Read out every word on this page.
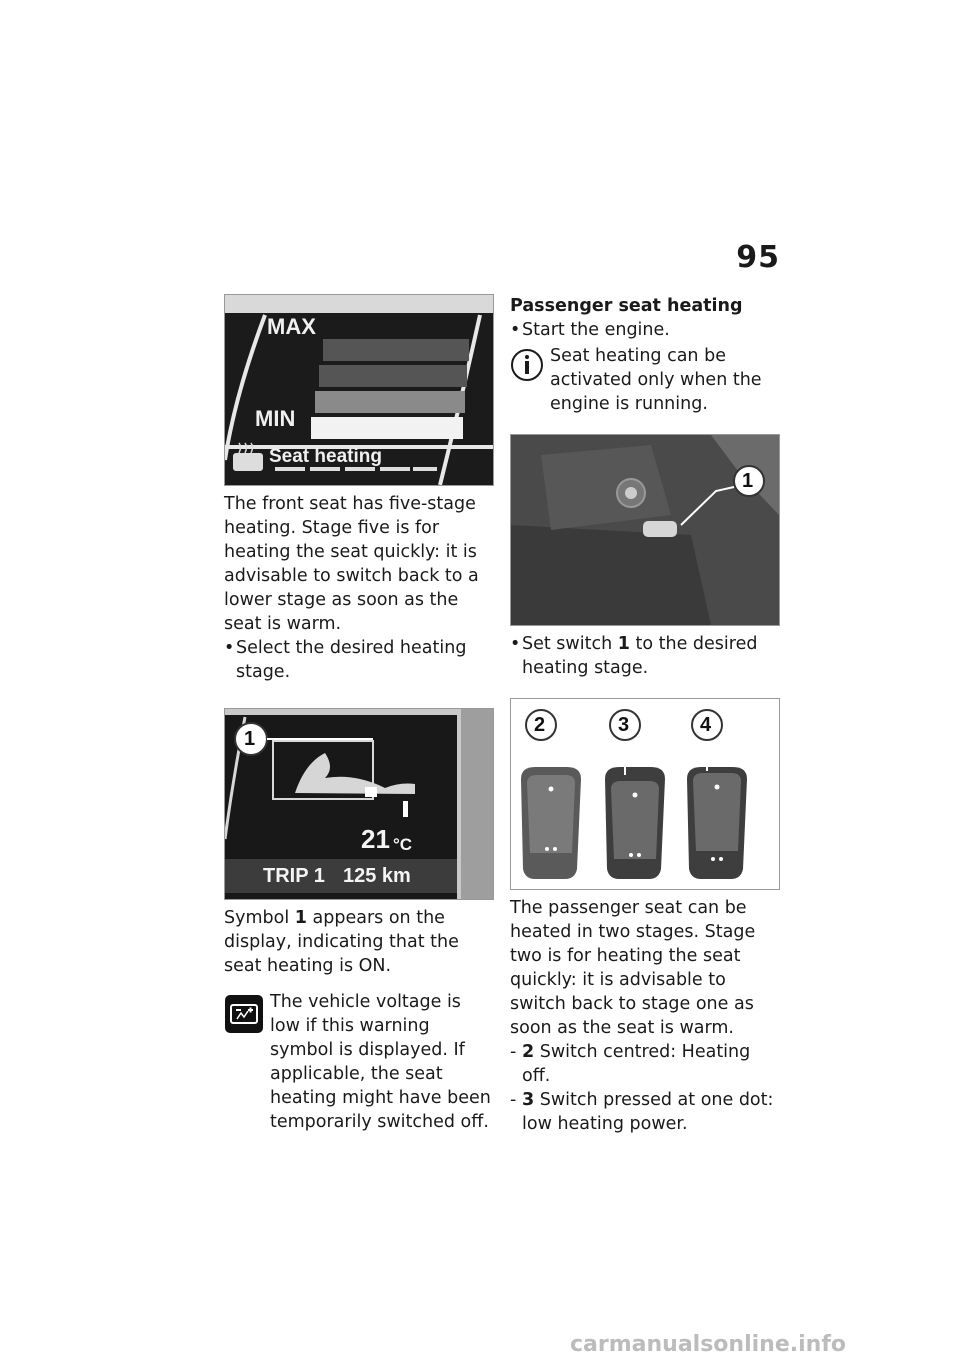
95
MAX
MIN
Seat heating

The front seat has five-stage heating. Stage five is for heating the seat quickly: it is advisable to switch back to a lower stage as soon as the seat is warm.

• Select the desired heating stage.
1
21 °C
TRIP 1 125 km

Symbol 1 appears on the display, indicating that the seat heating is ON.

The vehicle voltage is low if this warning symbol is displayed. If applicable, the seat heating might have been temporarily switched off.

Passenger seat heating

• Start the engine.

Seat heating can be activated only when the engine is running.

1
• Set switch 1 to the desired heating stage.
2	3	4

The passenger seat can be heated in two stages. Stage two is for heating the seat quickly: it is advisable to switch back to stage one as soon as the seat is warm.

- 2 Switch centred: Heating off.
- 3 Switch pressed at one dot: low heating power.
carmanualsonline.info
